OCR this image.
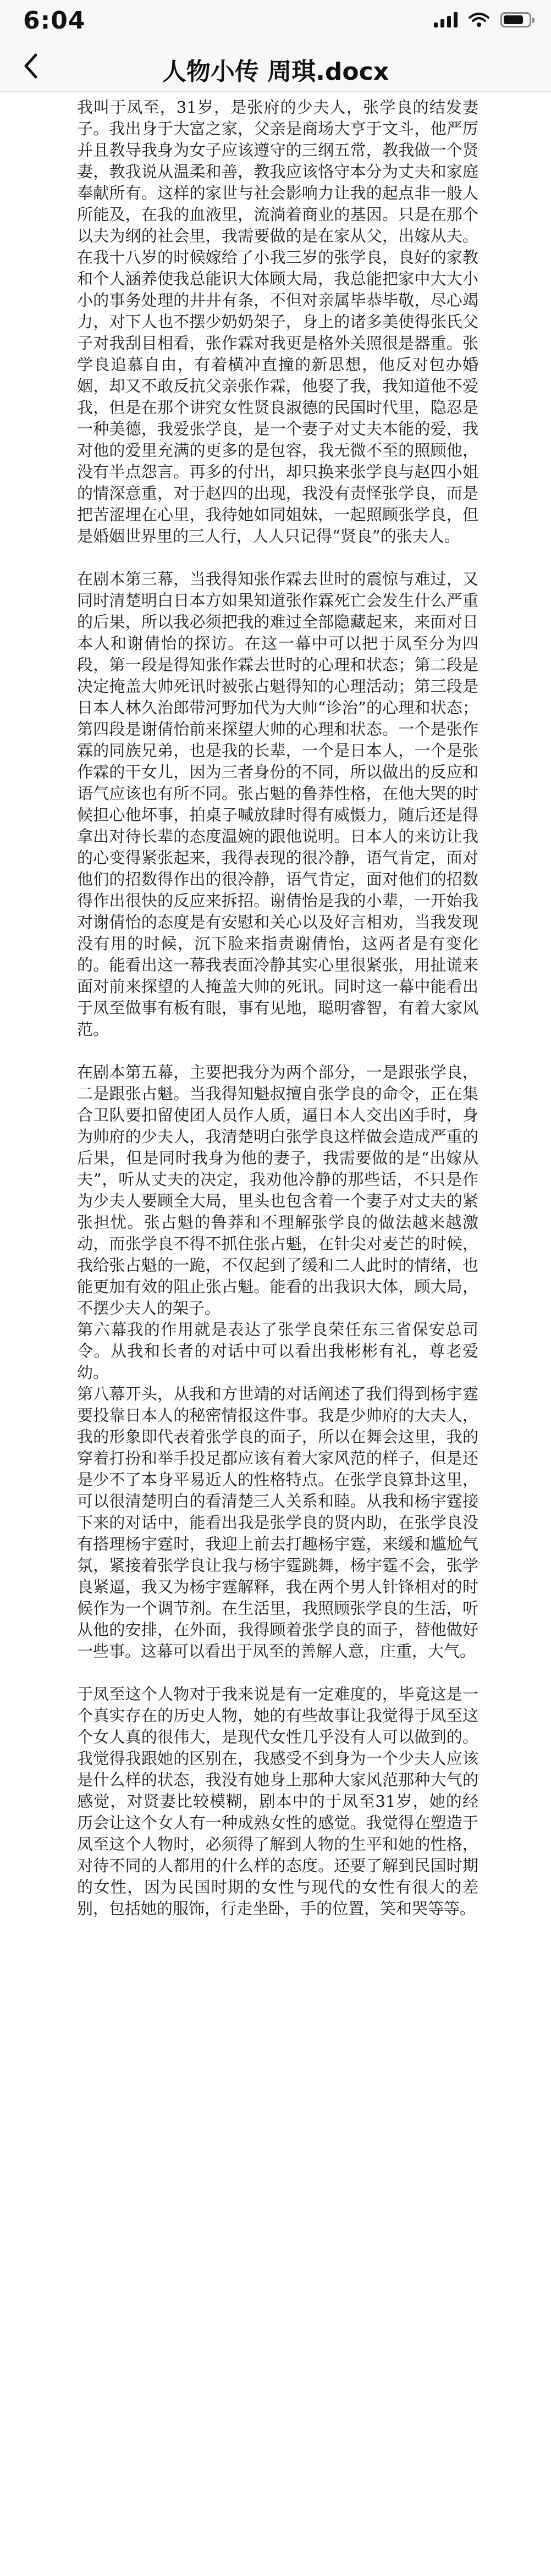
6:04
人物小传 周琪.docx

我叫于凤至，31岁，是张府的少夫人，张学良的结发妻子。我出身于大富之家，父亲是商场大亨于文斗，他严厉并且教导我身为女子应该遵守的三纲五常，教我做一个贤妻，教我说从温柔和善，教我应该恪守本分为丈夫和家庭奉献所有。这样的家世与社会影响力让我的起点非一般人所能及，在我的血液里，流淌着商业的基因。只是在那个以夫为纲的社会里，我需要做的是在家从父，出嫁从夫。在我十八岁的时候嫁给了小我三岁的张学良，良好的家教和个人涵养使我总能识大体顾大局，我总能把家中大大小小的事务处理的井井有条，不但对亲属毕恭毕敬，尽心竭力，对下人也不摆少奶奶架子，身上的诸多美使得张氏父子对我刮目相看，张作霖对我更是格外关照很是器重。张学良追慕自由，有着横冲直撞的新思想，他反对包办婚姻，却又不敢反抗父亲张作霖，他娶了我，我知道他不爱我，但是在那个讲究女性贤良淑德的民国时代里，隐忍是一种美德，我爱张学良，是一个妻子对丈夫本能的爱，我对他的爱里充满的更多的是包容，我无微不至的照顾他，没有半点怨言。再多的付出，却只换来张学良与赵四小姐的情深意重，对于赵四的出现，我没有责怪张学良，而是把苦涩埋在心里，我待她如同姐妹，一起照顾张学良，但是婚姻世界里的三人行，人人只记得“贤良”的张夫人。

在剧本第三幕，当我得知张作霖去世时的震惊与难过，又同时清楚明白日本方如果知道张作霖死亡会发生什么严重的后果，所以我必须把我的难过全部隐藏起来，来面对日本人和谢倩怡的探访。在这一幕中可以把于凤至分为四段，第一段是得知张作霖去世时的心理和状态；第二段是决定掩盖大帅死讯时被张占魁得知的心理活动；第三段是日本人林久治郎带河野加代为大帅“诊治”的心理和状态；第四段是谢倩怡前来探望大帅的心理和状态。一个是张作霖的同族兄弟，也是我的长辈，一个是日本人，一个是张作霖的干女儿，因为三者身份的不同，所以做出的反应和语气应该也有所不同。张占魁的鲁莽性格，在他大哭的时候担心他坏事，拍桌子喊放肆时得有威慑力，随后还是得拿出对待长辈的态度温婉的跟他说明。日本人的来访让我的心变得紧张起来，我得表现的很冷静，语气肯定，面对他们的招数得作出的很冷静，语气肯定，面对他们的招数得作出很快的反应来拆招。谢倩怡是我的小辈，一开始我对谢倩怡的态度是有安慰和关心以及好言相劝，当我发现没有用的时候，沉下脸来指责谢倩怡，这两者是有变化的。能看出这一幕我表面冷静其实心里很紧张，用扯谎来面对前来探望的人掩盖大帅的死讯。同时这一幕中能看出于凤至做事有板有眼，事有见地，聪明睿智，有着大家风范。

在剧本第五幕，主要把我分为两个部分，一是跟张学良，二是跟张占魁。当我得知魁叔擅自张学良的命令，正在集合卫队要扣留使团人员作人质，逼日本人交出凶手时，身为帅府的少夫人，我清楚明白张学良这样做会造成严重的后果，但是同时我身为他的妻子，我需要做的是“出嫁从夫”，听从丈夫的决定，我劝他冷静的那些话，不只是作为少夫人要顾全大局，里头也包含着一个妻子对丈夫的紧张担忧。张占魁的鲁莽和不理解张学良的做法越来越激动，而张学良不得不抓住张占魁，在针尖对麦芒的时候，我给张占魁的一跪，不仅起到了缓和二人此时的情绪，也能更加有效的阻止张占魁。能看的出我识大体，顾大局，不摆少夫人的架子。

第六幕我的作用就是表达了张学良荣任东三省保安总司令。从我和长者的对话中可以看出我彬彬有礼，尊老爱幼。

第八幕开头，从我和方世靖的对话阐述了我们得到杨宇霆要投靠日本人的秘密情报这件事。我是少帅府的大夫人，我的形象即代表着张学良的面子，所以在舞会这里，我的穿着打扮和举手投足都应该有着大家风范的样子，但是还是少不了本身平易近人的性格特点。在张学良算卦这里，可以很清楚明白的看清楚三人关系和睦。从我和杨宇霆接下来的对话中，能看出我是张学良的贤内助，在张学良没有搭理杨宇霆时，我迎上前去打趣杨宇霆，来缓和尴尬气氛，紧接着张学良让我与杨宇霆跳舞，杨宇霆不会，张学良紧逼，我又为杨宇霆解释，我在两个男人针锋相对的时候作为一个调节剂。在生活里，我照顾张学良的生活，听从他的安排，在外面，我得顾着张学良的面子，替他做好一些事。这幕可以看出于凤至的善解人意，庄重，大气。

于凤至这个人物对于我来说是有一定难度的，毕竟这是一个真实存在的历史人物，她的有些故事让我觉得于凤至这个女人真的很伟大，是现代女性几乎没有人可以做到的。我觉得我跟她的区别在，我感受不到身为一个少夫人应该是什么样的状态，我没有她身上那种大家风范那种大气的感觉，对贤妻比较模糊，剧本中的于凤至31岁，她的经历会让这个女人有一种成熟女性的感觉。我觉得在塑造于凤至这个人物时，必须得了解到人物的生平和她的性格，对待不同的人都用的什么样的态度。还要了解到民国时期的女性，因为民国时期的女性与现代的女性有很大的差别，包括她的服饰，行走坐卧，手的位置，笑和哭等等。
